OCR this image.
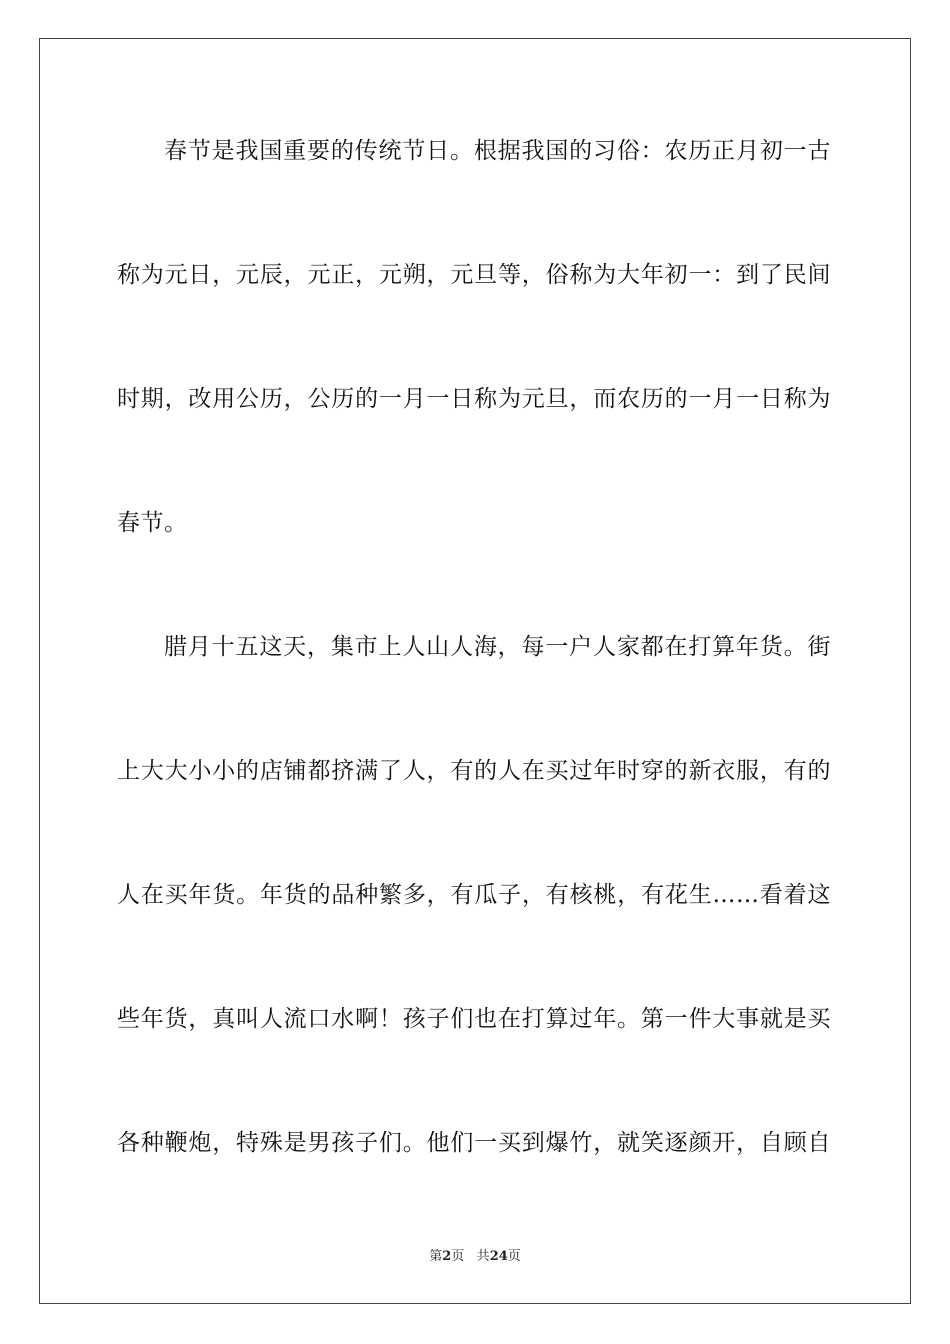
春节是我国重要的传统节日。根据我国的习俗：农历正月初一古
称为元日，元辰，元正，元朔，元旦等，俗称为大年初一：到了民间
时期，改用公历，公历的一月一日称为元旦，而农历的一月一日称为
春节。
腊月十五这天，集市上人山人海，每一户人家都在打算年货。街
上大大小小的店铺都挤满了人，有的人在买过年时穿的新衣服，有的
人在买年货。年货的品种繁多，有瓜子，有核桃，有花生……看着这
些年货，真叫人流口水啊！孩子们也在打算过年。第一件大事就是买
各种鞭炮，特殊是男孩子们。他们一买到爆竹，就笑逐颜开，自顾自
第2页 共24页
